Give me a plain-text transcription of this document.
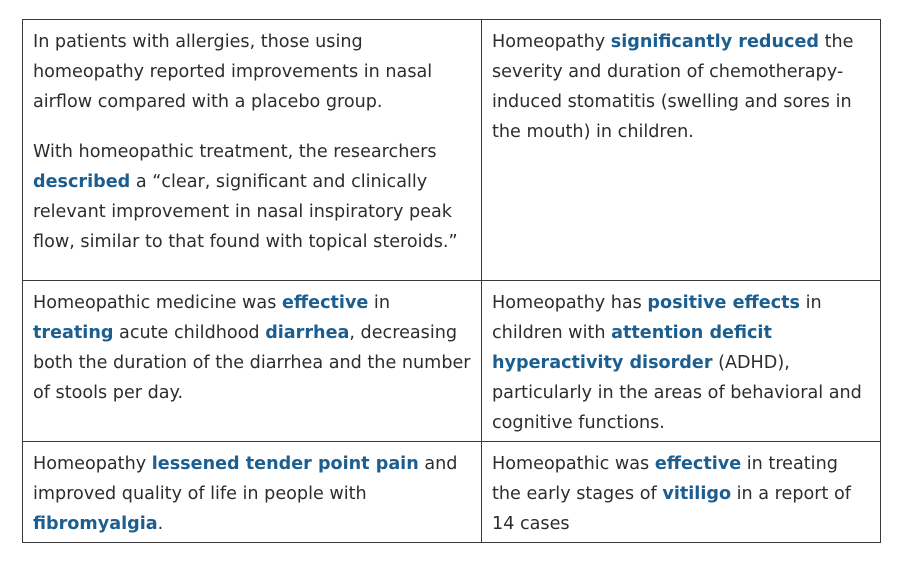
In patients with allergies, those using homeopathy reported improvements in nasal airflow compared with a placebo group.

With homeopathic treatment, the researchers described a “clear, significant and clinically relevant improvement in nasal inspiratory peak flow, similar to that found with topical steroids.”

Homeopathy significantly reduced the severity and duration of chemotherapy-induced stomatitis (swelling and sores in the mouth) in children.

Homeopathic medicine was effective in treating acute childhood diarrhea, decreasing both the duration of the diarrhea and the number of stools per day.

Homeopathy has positive effects in children with attention deficit hyperactivity disorder (ADHD), particularly in the areas of behavioral and cognitive functions.

Homeopathy lessened tender point pain and improved quality of life in people with fibromyalgia.

Homeopathic was effective in treating the early stages of vitiligo in a report of 14 cases
